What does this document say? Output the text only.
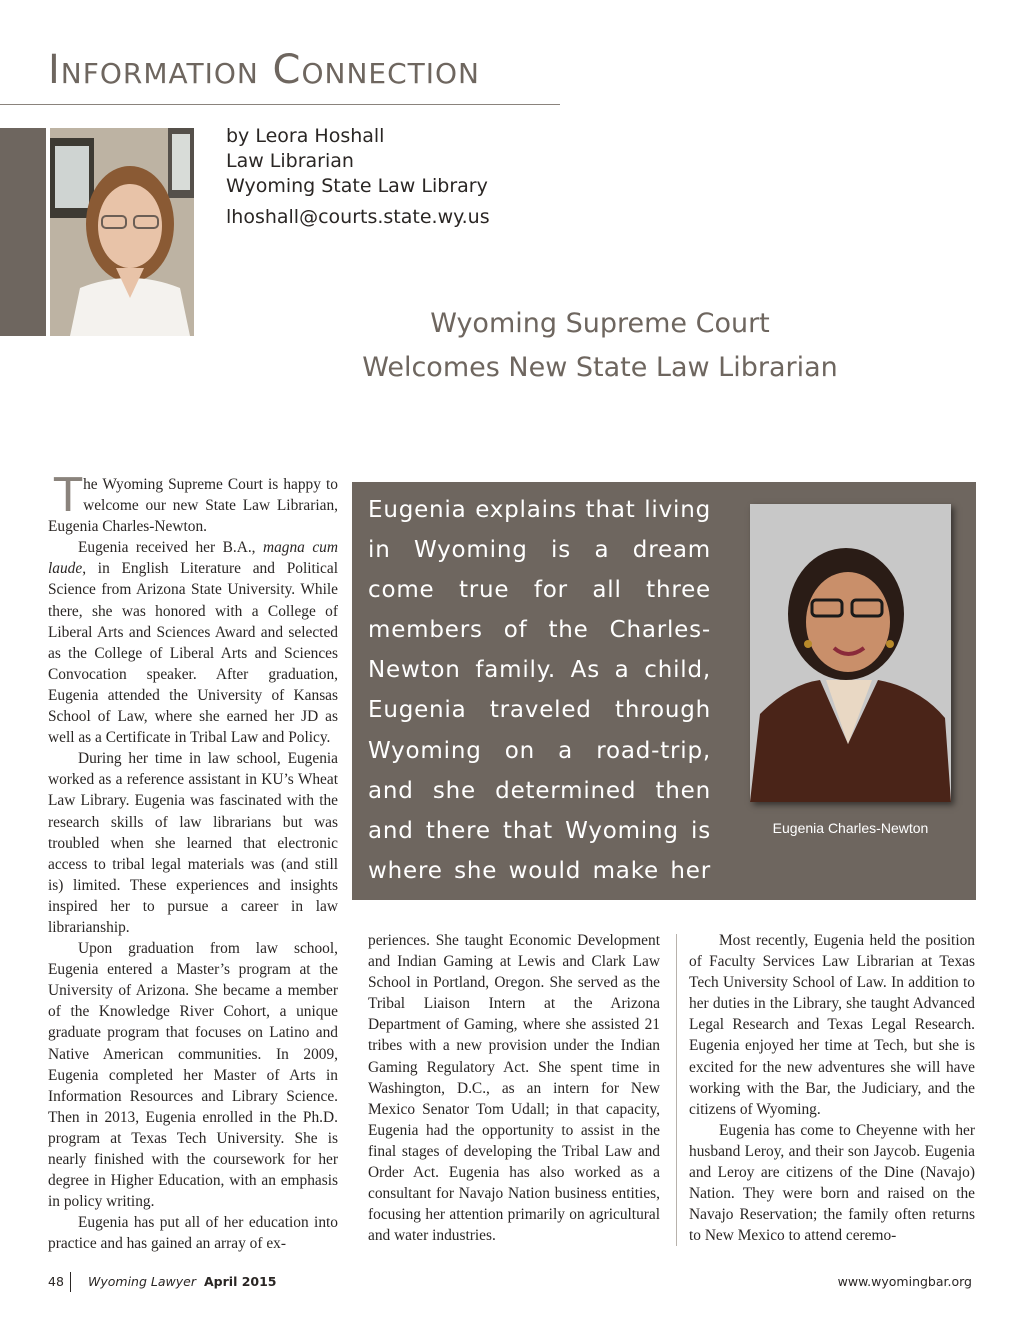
Information Connection
by Leora Hoshall
Law Librarian
Wyoming State Law Library
lhoshall@courts.state.wy.us
Wyoming Supreme Court
Welcomes New State Law Librarian

The Wyoming Supreme Court is happy to welcome our new State Law Librarian, Eugenia Charles-Newton.

Eugenia received her B.A., magna cum laude, in English Literature and Political Science from Arizona State University. While there, she was honored with a College of Liberal Arts and Sciences Award and selected as the College of Liberal Arts and Sciences Convocation speaker. After graduation, Eugenia attended the University of Kansas School of Law, where she earned her JD as well as a Certificate in Tribal Law and Policy.

During her time in law school, Eugenia worked as a reference assistant in KU’s Wheat Law Library. Eugenia was fascinated with the research skills of law librarians but was troubled when she learned that electronic access to tribal legal materials was (and still is) limited. These experiences and insights inspired her to pursue a career in law librarianship.

Upon graduation from law school, Eugenia entered a Master’s program at the University of Arizona. She became a member of the Knowledge River Cohort, a unique graduate program that focuses on Latino and Native American communities. In 2009, Eugenia completed her Master of Arts in Information Resources and Library Science. Then in 2013, Eugenia enrolled in the Ph.D. program at Texas Tech University. She is nearly finished with the coursework for her degree in Higher Education, with an emphasis in policy writing.

Eugenia has put all of her education into practice and has gained an array of ex-

Eugenia explains that living in Wyoming is a dream come true for all three members of the Charles-Newton family. As a child, Eugenia traveled through Wyoming on a road-trip, and she determined then and there that Wyoming is where she would make her home.
Eugenia Charles-Newton

periences. She taught Economic Development and Indian Gaming at Lewis and Clark Law School in Portland, Oregon. She served as the Tribal Liaison Intern at the Arizona Department of Gaming, where she assisted 21 tribes with a new provision under the Indian Gaming Regulatory Act. She spent time in Washington, D.C., as an intern for New Mexico Senator Tom Udall; in that capacity, Eugenia had the opportunity to assist in the final stages of developing the Tribal Law and Order Act. Eugenia has also worked as a consultant for Navajo Nation business entities, focusing her attention primarily on agricultural and water industries.

Most recently, Eugenia held the position of Faculty Services Law Librarian at Texas Tech University School of Law. In addition to her duties in the Library, she taught Advanced Legal Research and Texas Legal Research. Eugenia enjoyed her time at Tech, but she is excited for the new adventures she will have working with the Bar, the Judiciary, and the citizens of Wyoming.

Eugenia has come to Cheyenne with her husband Leroy, and their son Jaycob. Eugenia and Leroy are citizens of the Dine (Navajo) Nation. They were born and raised on the Navajo Reservation; the family often returns to New Mexico to attend ceremo-

48 Wyoming Lawyer April 2015	www.wyomingbar.org
